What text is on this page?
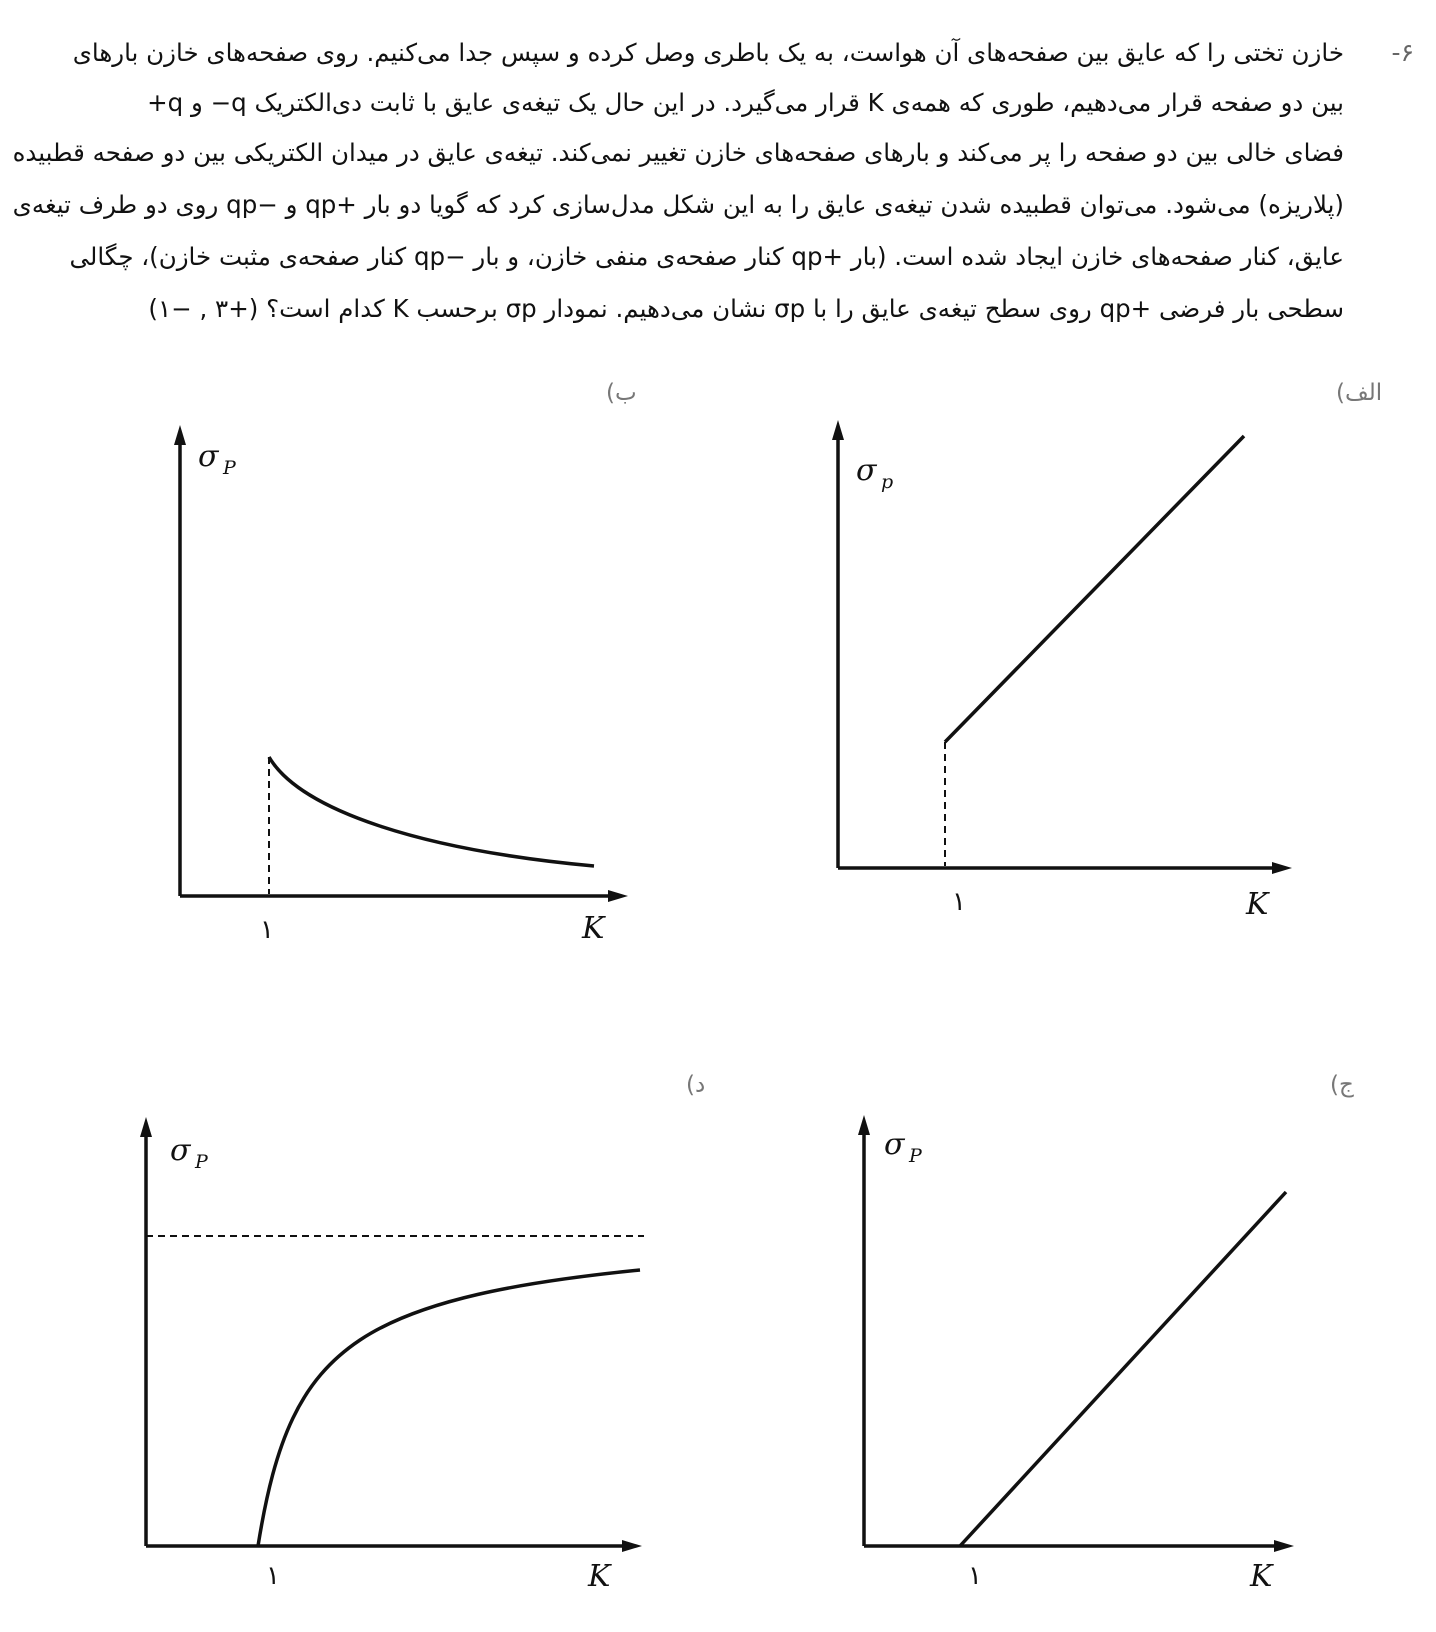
-۶
خازن تختی را که عایق بین صفحه‌های آن هواست، به یک باطری وصل کرده و سپس جدا می‌کنیم. روی صفحه‌های خازن بارهای
+q و −q قرار می‌گیرد. در این حال یک تیغه‌ی عایق با ثابت دی‌الکتریک K بین دو صفحه قرار می‌دهیم، طوری که همه‌ی
فضای خالی بین دو صفحه را پر می‌کند و بارهای صفحه‌های خازن تغییر نمی‌کند. تیغه‌ی عایق در میدان الکتریکی بین دو صفحه قطبیده
(پلاریزه) می‌شود. می‌توان قطبیده شدن تیغه‌ی عایق را به این شکل مدل‌سازی کرد که گویا دو بار +qp و −qp روی دو طرف تیغه‌ی
عایق، کنار صفحه‌های خازن ایجاد شده است. (بار +qp کنار صفحه‌ی منفی خازن، و بار −qp کنار صفحه‌ی مثبت خازن)، چگالی
سطحی بار فرضی +qp روی سطح تیغه‌ی عایق را با σp نشان می‌دهیم. نمودار σp برحسب K کدام است؟ (+۳ , −۱)
الف)
ب)
ج)
د)
σ p
K
۱
σ P
K
۱
σ P
K
۱
σ P
K
۱
